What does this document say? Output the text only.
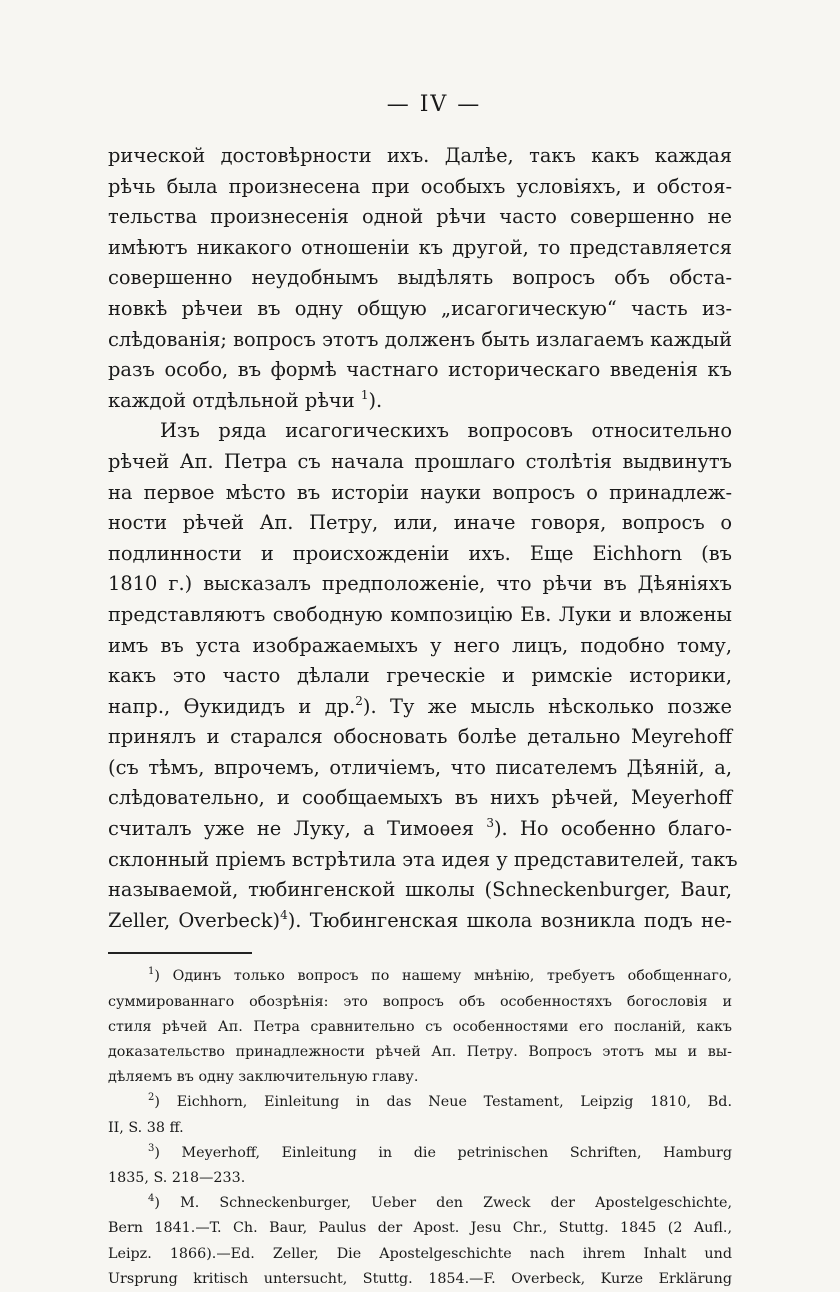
— IV —
рической достовѣрности ихъ. Далѣе, такъ какъ каждая
рѣчь была произнесена при особыхъ условіяхъ, и обстоя-
тельства произнесенія одной рѣчи часто совершенно не
имѣютъ никакого отношеніи къ другой, то представляется
совершенно неудобнымъ выдѣлять вопросъ объ обста-
новкѣ рѣчеи въ одну общую „исагогическую“ часть из-
слѣдованія; вопросъ этотъ долженъ быть излагаемъ каждый
разъ особо, въ формѣ частнаго историческаго введенія къ
каждой отдѣльной рѣчи $^1$).
Изъ ряда исагогическихъ вопросовъ относительно
рѣчей Ап. Петра съ начала прошлаго столѣтія выдвинутъ
на первое мѣсто въ исторіи науки вопросъ о принадлеж-
ности рѣчей Ап. Петру, или, иначе говоря, вопросъ о
подлинности и происхожденіи ихъ. Еще Eichhorn (въ
1810 г.) высказалъ предположеніе, что рѣчи въ Дѣяніяхъ
представляютъ свободную композицію Ев. Луки и вложены
имъ въ уста изображаемыхъ у него лицъ, подобно тому,
какъ это часто дѣлали греческіе и римскіе историки,
напр., Өукидидъ и др.$^2$). Ту же мысль нѣсколько позже
принялъ и старался обосновать болѣе детально Meyrehoff
(съ тѣмъ, впрочемъ, отличіемъ, что писателемъ Дѣяній, а,
слѣдовательно, и сообщаемыхъ въ нихъ рѣчей, Meyerhoff
считалъ уже не Луку, а Тимоѳея $^3$). Но особенно благо-
склонный пріемъ встрѣтила эта идея у представителей, такъ
называемой, тюбингенской школы (Schneckenburger, Baur,
Zeller, Overbeck)$^4$). Тюбингенская школа возникла подъ не-
$^1$) Одинъ только вопросъ по нашему мнѣнію, требуетъ обобщеннаго,
суммированнаго обозрѣнія: это вопросъ объ особенностяхъ богословія и
стиля рѣчей Ап. Петра сравнительно съ особенностями его посланій, какъ
доказательство принадлежности рѣчей Ап. Петру. Вопросъ этотъ мы и вы-
дѣляемъ въ одну заключительную главу.
$^2$) Eichhorn, Einleitung in das Neue Testament, Leipzig 1810, Bd.
II, S. 38 ff.
$^3$) Meyerhoff, Einleitung in die petrinischen Schriften, Hamburg
1835, S. 218—233.
$^4$) M. Schneckenburger, Ueber den Zweck der Apostelgeschichte,
Bern 1841.—T. Ch. Baur, Paulus der Apost. Jesu Chr., Stuttg. 1845 (2 Aufl.,
Leipz. 1866).—Ed. Zeller, Die Apostelgeschichte nach ihrem Inhalt und
Ursprung kritisch untersucht, Stuttg. 1854.—F. Overbeck, Kurze Erklärung
